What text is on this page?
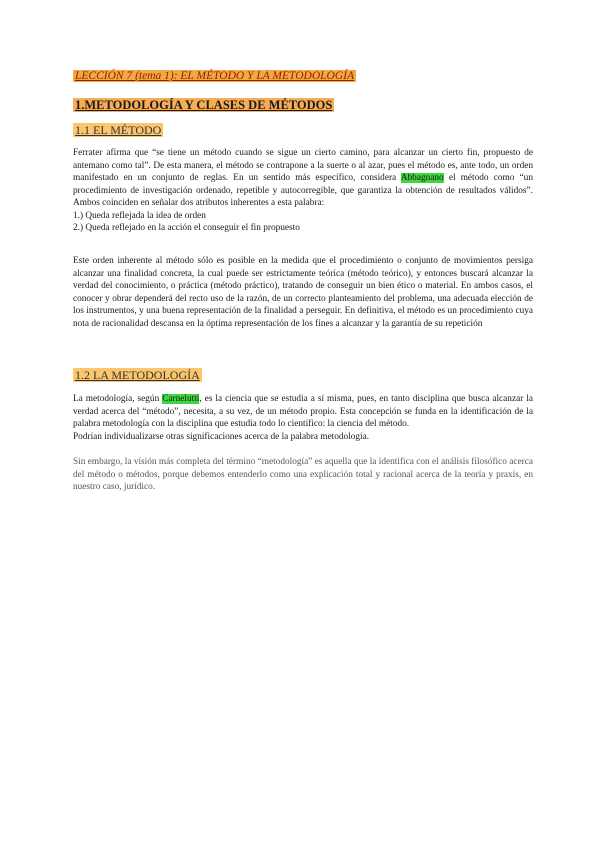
LECCIÓN 7 (tema 1): EL MÉTODO Y LA METODOLOGÍA
1.METODOLOGÍA Y CLASES DE MÉTODOS
1.1 EL MÉTODO
Ferrater afirma que “se tiene un método cuando se sigue un cierto camino, para alcanzar un cierto fin, propuesto de antemano como tal”. De esta manera, el método se contrapone a la suerte o al azar, pues el método es, ante todo, un orden manifestado en un conjunto de reglas. En un sentido más específico, considera Abbagnano el método como “un procedimiento de investigación ordenado, repetible y autocorregible, que garantiza la obtención de resultados válidos”. Ambos coinciden en señalar dos atributos inherentes a esta palabra:
1.) Queda reflejada la idea de orden
2.) Queda reflejado en la acción el conseguir el fin propuesto

Este orden inherente al método sólo es posible en la medida que el procedimiento o conjunto de movimientos persiga alcanzar una finalidad concreta, la cual puede ser estrictamente teórica (método teórico), y entonces buscará alcanzar la verdad del conocimiento, o práctica (método práctico), tratando de conseguir un bien ético o material. En ambos casos, el conocer y obrar dependerá del recto uso de la razón, de un correcto planteamiento del problema, una adecuada elección de los instrumentos, y una buena representación de la finalidad a perseguir. En definitiva, el método es un procedimiento cuya nota de racionalidad descansa en la óptima representación de los fines a alcanzar y la garantía de su repetición

1.2 LA METODOLOGÍA
La metodología, según Carnelutti, es la ciencia que se estudia a sí misma, pues, en tanto disciplina que busca alcanzar la verdad acerca del “método”, necesita, a su vez, de un método propio. Esta concepción se funda en la identificación de la palabra metodología con la disciplina que estudia todo lo científico: la ciencia del método.
Podrían individualizarse otras significaciones acerca de la palabra metodología.

Sin embargo, la visión más completa del término “metodología” es aquella que la identifica con el análisis filosófico acerca del método o métodos, porque debemos entenderlo como una explicación total y racional acerca de la teoría y praxis, en nuestro caso, jurídico.
